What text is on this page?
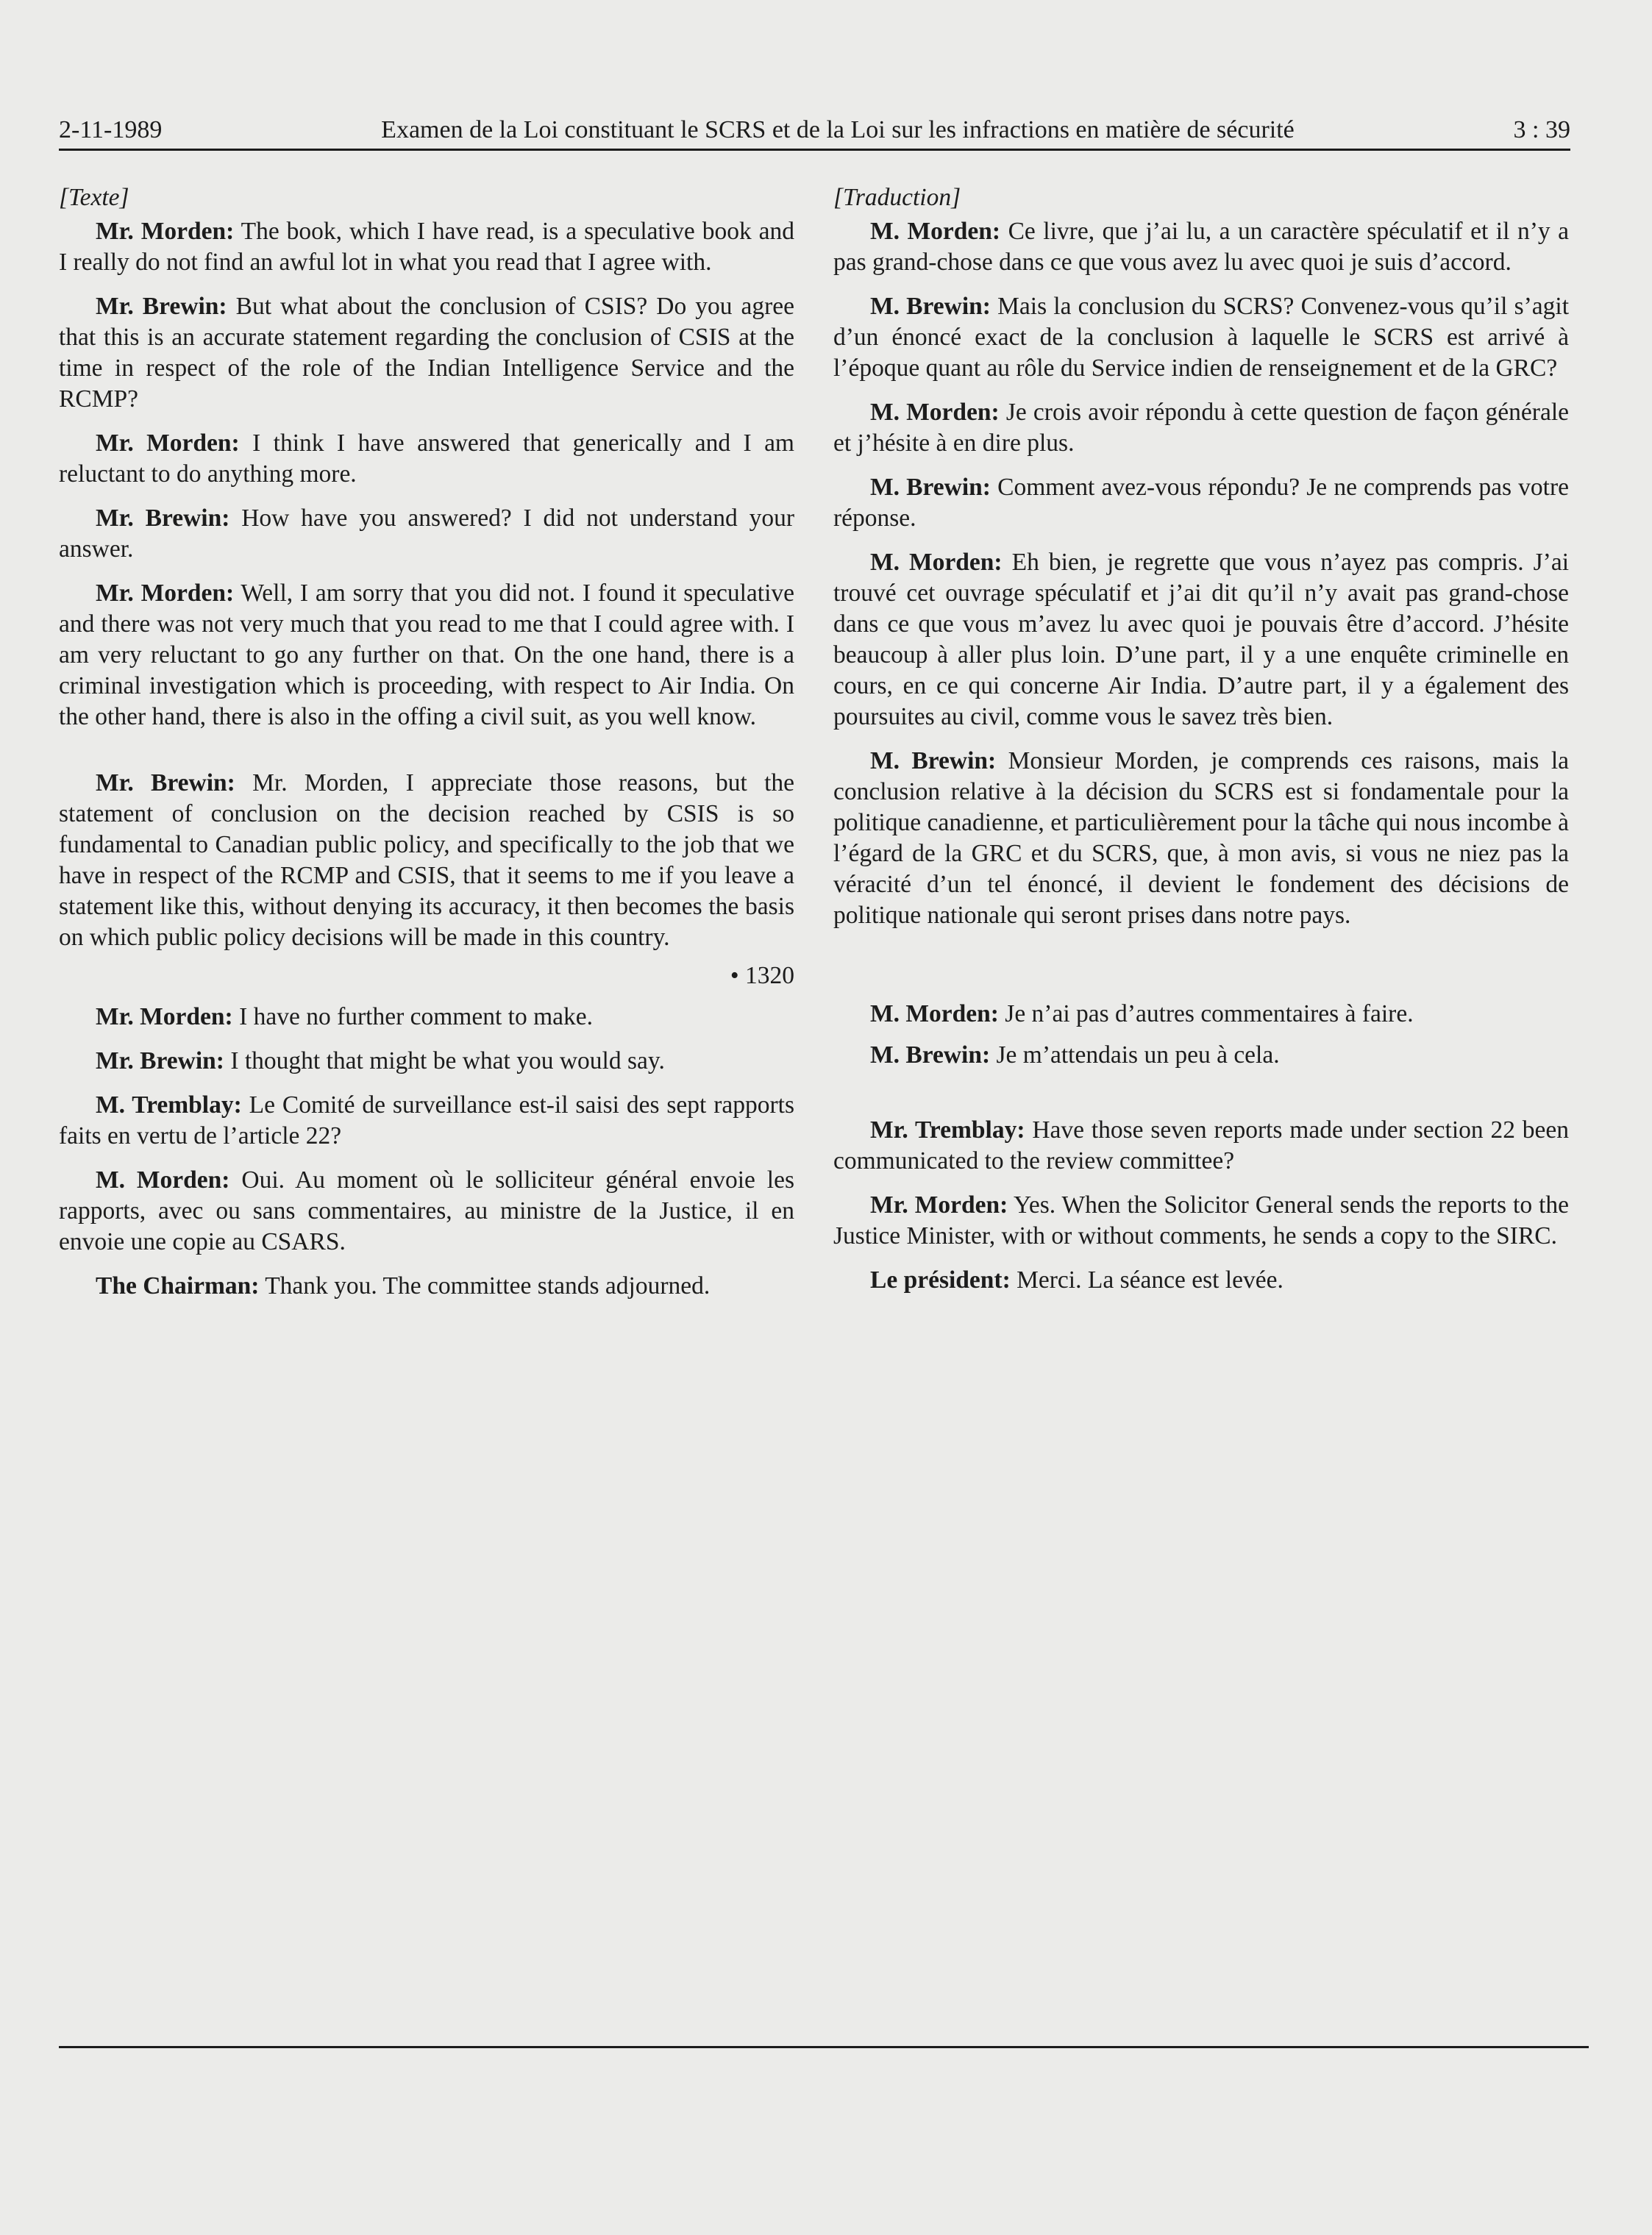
2-11-1989	Examen de la Loi constituant le SCRS et de la Loi sur les infractions en matière de sécurité	3 : 39
[Texte]

Mr. Morden: The book, which I have read, is a speculative book and I really do not find an awful lot in what you read that I agree with.

Mr. Brewin: But what about the conclusion of CSIS? Do you agree that this is an accurate statement regarding the conclusion of CSIS at the time in respect of the role of the Indian Intelligence Service and the RCMP?

Mr. Morden: I think I have answered that generically and I am reluctant to do anything more.

Mr. Brewin: How have you answered? I did not understand your answer.

Mr. Morden: Well, I am sorry that you did not. I found it speculative and there was not very much that you read to me that I could agree with. I am very reluctant to go any further on that. On the one hand, there is a criminal investigation which is proceeding, with respect to Air India. On the other hand, there is also in the offing a civil suit, as you well know.

Mr. Brewin: Mr. Morden, I appreciate those reasons, but the statement of conclusion on the decision reached by CSIS is so fundamental to Canadian public policy, and specifically to the job that we have in respect of the RCMP and CSIS, that it seems to me if you leave a statement like this, without denying its accuracy, it then becomes the basis on which public policy decisions will be made in this country.

• 1320

Mr. Morden: I have no further comment to make.

Mr. Brewin: I thought that might be what you would say.

M. Tremblay: Le Comité de surveillance est-il saisi des sept rapports faits en vertu de l’article 22?

M. Morden: Oui. Au moment où le solliciteur général envoie les rapports, avec ou sans commentaires, au ministre de la Justice, il en envoie une copie au CSARS.

The Chairman: Thank you. The committee stands adjourned.

[Traduction]

M. Morden: Ce livre, que j’ai lu, a un caractère spéculatif et il n’y a pas grand-chose dans ce que vous avez lu avec quoi je suis d’accord.

M. Brewin: Mais la conclusion du SCRS? Convenez-vous qu’il s’agit d’un énoncé exact de la conclusion à laquelle le SCRS est arrivé à l’époque quant au rôle du Service indien de renseignement et de la GRC?

M. Morden: Je crois avoir répondu à cette question de façon générale et j’hésite à en dire plus.

M. Brewin: Comment avez-vous répondu? Je ne comprends pas votre réponse.

M. Morden: Eh bien, je regrette que vous n’ayez pas compris. J’ai trouvé cet ouvrage spéculatif et j’ai dit qu’il n’y avait pas grand-chose dans ce que vous m’avez lu avec quoi je pouvais être d’accord. J’hésite beaucoup à aller plus loin. D’une part, il y a une enquête criminelle en cours, en ce qui concerne Air India. D’autre part, il y a également des poursuites au civil, comme vous le savez très bien.

M. Brewin: Monsieur Morden, je comprends ces raisons, mais la conclusion relative à la décision du SCRS est si fondamentale pour la politique canadienne, et particulièrement pour la tâche qui nous incombe à l’égard de la GRC et du SCRS, que, à mon avis, si vous ne niez pas la véracité d’un tel énoncé, il devient le fondement des décisions de politique nationale qui seront prises dans notre pays.

M. Morden: Je n’ai pas d’autres commentaires à faire.

M. Brewin: Je m’attendais un peu à cela.

Mr. Tremblay: Have those seven reports made under section 22 been communicated to the review committee?

Mr. Morden: Yes. When the Solicitor General sends the reports to the Justice Minister, with or without comments, he sends a copy to the SIRC.

Le président: Merci. La séance est levée.
